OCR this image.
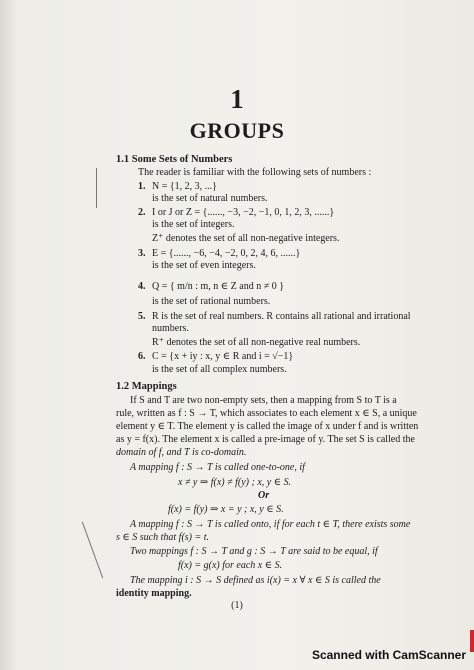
1
GROUPS
1.1 Some Sets of Numbers
The reader is familiar with the following sets of numbers :
1. N = {1, 2, 3, ...}
is the set of natural numbers.
2. I or J or Z = {......, −3, −2, −1, 0, 1, 2, 3, ......}
is the set of integers.
Z⁺ denotes the set of all non-negative integers.
3. E = {......, −6, −4, −2, 0, 2, 4, 6, ......}
is the set of even integers.
4. Q = { m/n : m, n ∈ Z and n ≠ 0 }
is the set of rational numbers.
5. R is the set of real numbers. R contains all rational and irrational
numbers.
R⁺ denotes the set of all non-negative real numbers.
6. C = {x + iy : x, y ∈ R and i = √−1}
is the set of all complex numbers.
1.2 Mappings
If S and T are two non-empty sets, then a mapping from S to T is a
rule, written as f : S → T, which associates to each element x ∈ S, a unique
element y ∈ T. The element y is called the image of x under f and is written
as y = f(x). The element x is called a pre-image of y. The set S is called the
domain of f, and T is co-domain.
A mapping f : S → T is called one-to-one, if
x ≠ y ⇒ f(x) ≠ f(y) ; x, y ∈ S.
Or
f(x) = f(y) ⇒ x = y ; x, y ∈ S.
A mapping f : S → T is called onto, if for each t ∈ T, there exists some
s ∈ S such that f(s) = t.
Two mappings f : S → T and g : S → T are said to be equal, if
f(x) = g(x) for each x ∈ S.
The mapping i : S → S defined as i(x) = x ∀ x ∈ S is called the
identity mapping.
(1)
Scanned with CamScanner
